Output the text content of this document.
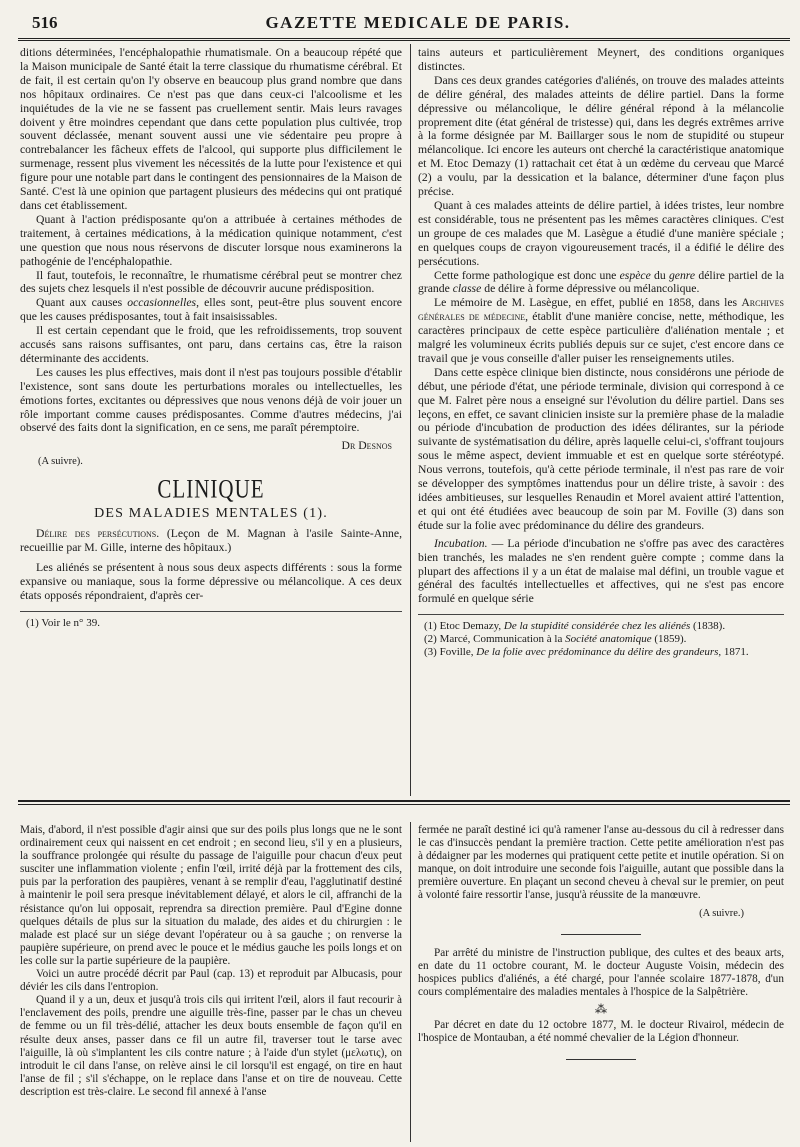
516	GAZETTE MEDICALE DE PARIS.

ditions déterminées, l'encéphalopathie rhumatismale. On a beaucoup répété que la Maison municipale de Santé était la terre classique du rhumatisme cérébral. Et de fait, il est certain qu'on l'y observe en beaucoup plus grand nombre que dans nos hôpitaux ordinaires. Ce n'est pas que dans ceux-ci l'alcoolisme et les inquiétudes de la vie ne se fassent pas cruellement sentir. Mais leurs ravages doivent y être moindres cependant que dans cette population plus cultivée, trop souvent déclassée, menant souvent aussi une vie sédentaire peu propre à contrebalancer les fâcheux effets de l'alcool, qui supporte plus difficilement le surmenage, ressent plus vivement les nécessités de la lutte pour l'existence et qui figure pour une notable part dans le contingent des pensionnaires de la Maison de Santé. C'est là une opinion que partagent plusieurs des médecins qui ont pratiqué dans cet établissement.

Quant à l'action prédisposante qu'on a attribuée à certaines méthodes de traitement, à certaines médications, à la médication quinique notamment, c'est une question que nous nous réservons de discuter lorsque nous examinerons la pathogénie de l'encéphalopathie.

Il faut, toutefois, le reconnaître, le rhumatisme cérébral peut se montrer chez des sujets chez lesquels il n'est possible de découvrir aucune prédisposition.

Quant aux causes occasionnelles, elles sont, peut-être plus souvent encore que les causes prédisposantes, tout à fait insaisissables.

Il est certain cependant que le froid, que les refroidissements, trop souvent accusés sans raisons suffisantes, ont paru, dans certains cas, être la raison déterminante des accidents.

Les causes les plus effectives, mais dont il n'est pas toujours possible d'établir l'existence, sont sans doute les perturbations morales ou intellectuelles, les émotions fortes, excitantes ou dépressives que nous venons déjà de voir jouer un rôle important comme causes prédisposantes. Comme d'autres médecins, j'ai observé des faits dont la signification, en ce sens, me paraît péremptoire.

Dr Desnos

(A suivre).

CLINIQUE

DES MALADIES MENTALES (1).

Délire des persécutions. (Leçon de M. Magnan à l'asile Sainte-Anne, recueillie par M. Gille, interne des hôpitaux.)

Les aliénés se présentent à nous sous deux aspects différents : sous la forme expansive ou maniaque, sous la forme dépressive ou mélancolique. A ces deux états opposés répondraient, d'après cer-

(1) Voir le n° 39.

tains auteurs et particulièrement Meynert, des conditions organiques distinctes.

Dans ces deux grandes catégories d'aliénés, on trouve des malades atteints de délire général, des malades atteints de délire partiel. Dans la forme dépressive ou mélancolique, le délire général répond à la mélancolie proprement dite (état général de tristesse) qui, dans les degrés extrêmes arrive à la forme désignée par M. Baillarger sous le nom de stupidité ou stupeur mélancolique. Ici encore les auteurs ont cherché la caractéristique anatomique et M. Etoc Demazy (1) rattachait cet état à un œdème du cerveau que Marcé (2) a voulu, par la dessication et la balance, déterminer d'une façon plus précise.

Quant à ces malades atteints de délire partiel, à idées tristes, leur nombre est considérable, tous ne présentent pas les mêmes caractères cliniques. C'est un groupe de ces malades que M. Lasègue a étudié d'une manière spéciale ; en quelques coups de crayon vigoureusement tracés, il a édifié le délire des persécutions.

Cette forme pathologique est donc une espèce du genre délire partiel de la grande classe de délire à forme dépressive ou mélancolique.

Le mémoire de M. Lasègue, en effet, publié en 1858, dans les Archives générales de médecine, établit d'une manière concise, nette, méthodique, les caractères principaux de cette espèce particulière d'aliénation mentale ; et malgré les volumineux écrits publiés depuis sur ce sujet, c'est encore dans ce travail que je vous conseille d'aller puiser les renseignements utiles.

Dans cette espèce clinique bien distincte, nous considérons une période de début, une période d'état, une période terminale, division qui correspond à ce que M. Falret père nous a enseigné sur l'évolution du délire partiel. Dans ses leçons, en effet, ce savant clinicien insiste sur la première phase de la maladie ou période d'incubation de production des idées délirantes, sur la période suivante de systématisation du délire, après laquelle celui-ci, s'offrant toujours sous le même aspect, devient immuable et est en quelque sorte stéréotypé. Nous verrons, toutefois, qu'à cette période terminale, il n'est pas rare de voir se développer des symptômes inattendus pour un délire triste, à savoir : des idées ambitieuses, sur lesquelles Renaudin et Morel avaient attiré l'attention, et qui ont été étudiées avec beaucoup de soin par M. Foville (3) dans son étude sur la folie avec prédominance du délire des grandeurs.

Incubation. — La période d'incubation ne s'offre pas avec des caractères bien tranchés, les malades ne s'en rendent guère compte ; comme dans la plupart des affections il y a un état de malaise mal défini, un trouble vague et général des facultés intellectuelles et affectives, qui ne s'est pas encore formulé en quelque série

(1) Etoc Demazy, De la stupidité considérée chez les aliénés (1838).

(2) Marcé, Communication à la Société anatomique (1859).

(3) Foville, De la folie avec prédominance du délire des grandeurs, 1871.

Mais, d'abord, il n'est possible d'agir ainsi que sur des poils plus longs que ne le sont ordinairement ceux qui naissent en cet endroit ; en second lieu, s'il y en a plusieurs, la souffrance prolongée qui résulte du passage de l'aiguille pour chacun d'eux peut susciter une inflammation violente ; enfin l'œil, irrité déjà par la frottement des cils, puis par la perforation des paupières, venant à se remplir d'eau, l'agglutinatif destiné à maintenir le poil sera presque inévitablement délayé, et alors le cil, affranchi de la résistance qu'on lui opposait, reprendra sa direction première. Paul d'Egine donne quelques détails de plus sur la situation du malade, des aides et du chirurgien : le malade est placé sur un siége devant l'opérateur ou à sa gauche ; on renverse la paupière supérieure, on prend avec le pouce et le médius gauche les poils longs et on les colle sur la partie supérieure de la paupière.

Voici un autre procédé décrit par Paul (cap. 13) et reproduit par Albucasis, pour déviér les cils dans l'entropion.

Quand il y a un, deux et jusqu'à trois cils qui irritent l'œil, alors il faut recourir à l'enclavement des poils, prendre une aiguille très-fine, passer par le chas un cheveu de femme ou un fil très-délié, attacher les deux bouts ensemble de façon qu'il en résulte deux anses, passer dans ce fil un autre fil, traverser tout le tarse avec l'aiguille, là où s'implantent les cils contre nature ; à l'aide d'un stylet (μελωτις), on introduit le cil dans l'anse, on relève ainsi le cil lorsqu'il est engagé, on tire en haut l'anse de fil ; s'il s'échappe, on le replace dans l'anse et on tire de nouveau. Cette description est très-claire. Le second fil annexé à l'anse

fermée ne paraît destiné ici qu'à ramener l'anse au-dessous du cil à redresser dans le cas d'insuccès pendant la première traction. Cette petite amélioration n'est pas à dédaigner par les modernes qui pratiquent cette petite et inutile opération. Si on manque, on doit introduire une seconde fois l'aiguille, autant que possible dans la première ouverture. En plaçant un second cheveu à cheval sur le premier, on peut à volonté faire ressortir l'anse, jusqu'à réussite de la manœuvre.

(A suivre.)

Par arrêté du ministre de l'instruction publique, des cultes et des beaux arts, en date du 11 octobre courant, M. le docteur Auguste Voisin, médecin des hospices publics d'aliénés, a été chargé, pour l'année scolaire 1877-1878, d'un cours complémentaire des maladies mentales à l'hospice de la Salpêtrière.

⁂

Par décret en date du 12 octobre 1877, M. le docteur Rivairol, médecin de l'hospice de Montauban, a été nommé chevalier de la Légion d'honneur.
